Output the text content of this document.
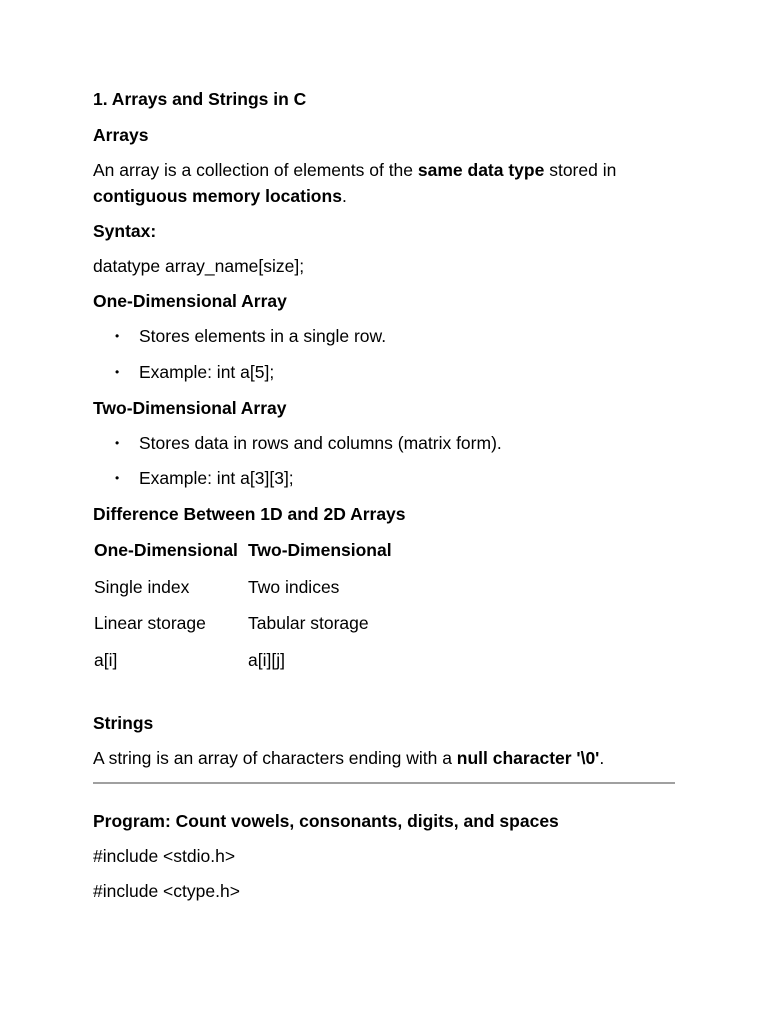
1. Arrays and Strings in C
Arrays
An array is a collection of elements of the same data type stored in contiguous memory locations.
Syntax:
datatype array_name[size];
One-Dimensional Array
• Stores elements in a single row.
• Example: int a[5];
Two-Dimensional Array
• Stores data in rows and columns (matrix form).
• Example: int a[3][3];
Difference Between 1D and 2D Arrays
One-Dimensional Two-Dimensional
Single index	Two indices
Linear storage Tabular storage
a[i]	a[i][j]
Strings
A string is an array of characters ending with a null character '\0'.
Program: Count vowels, consonants, digits, and spaces
#include <stdio.h>
#include <ctype.h>
